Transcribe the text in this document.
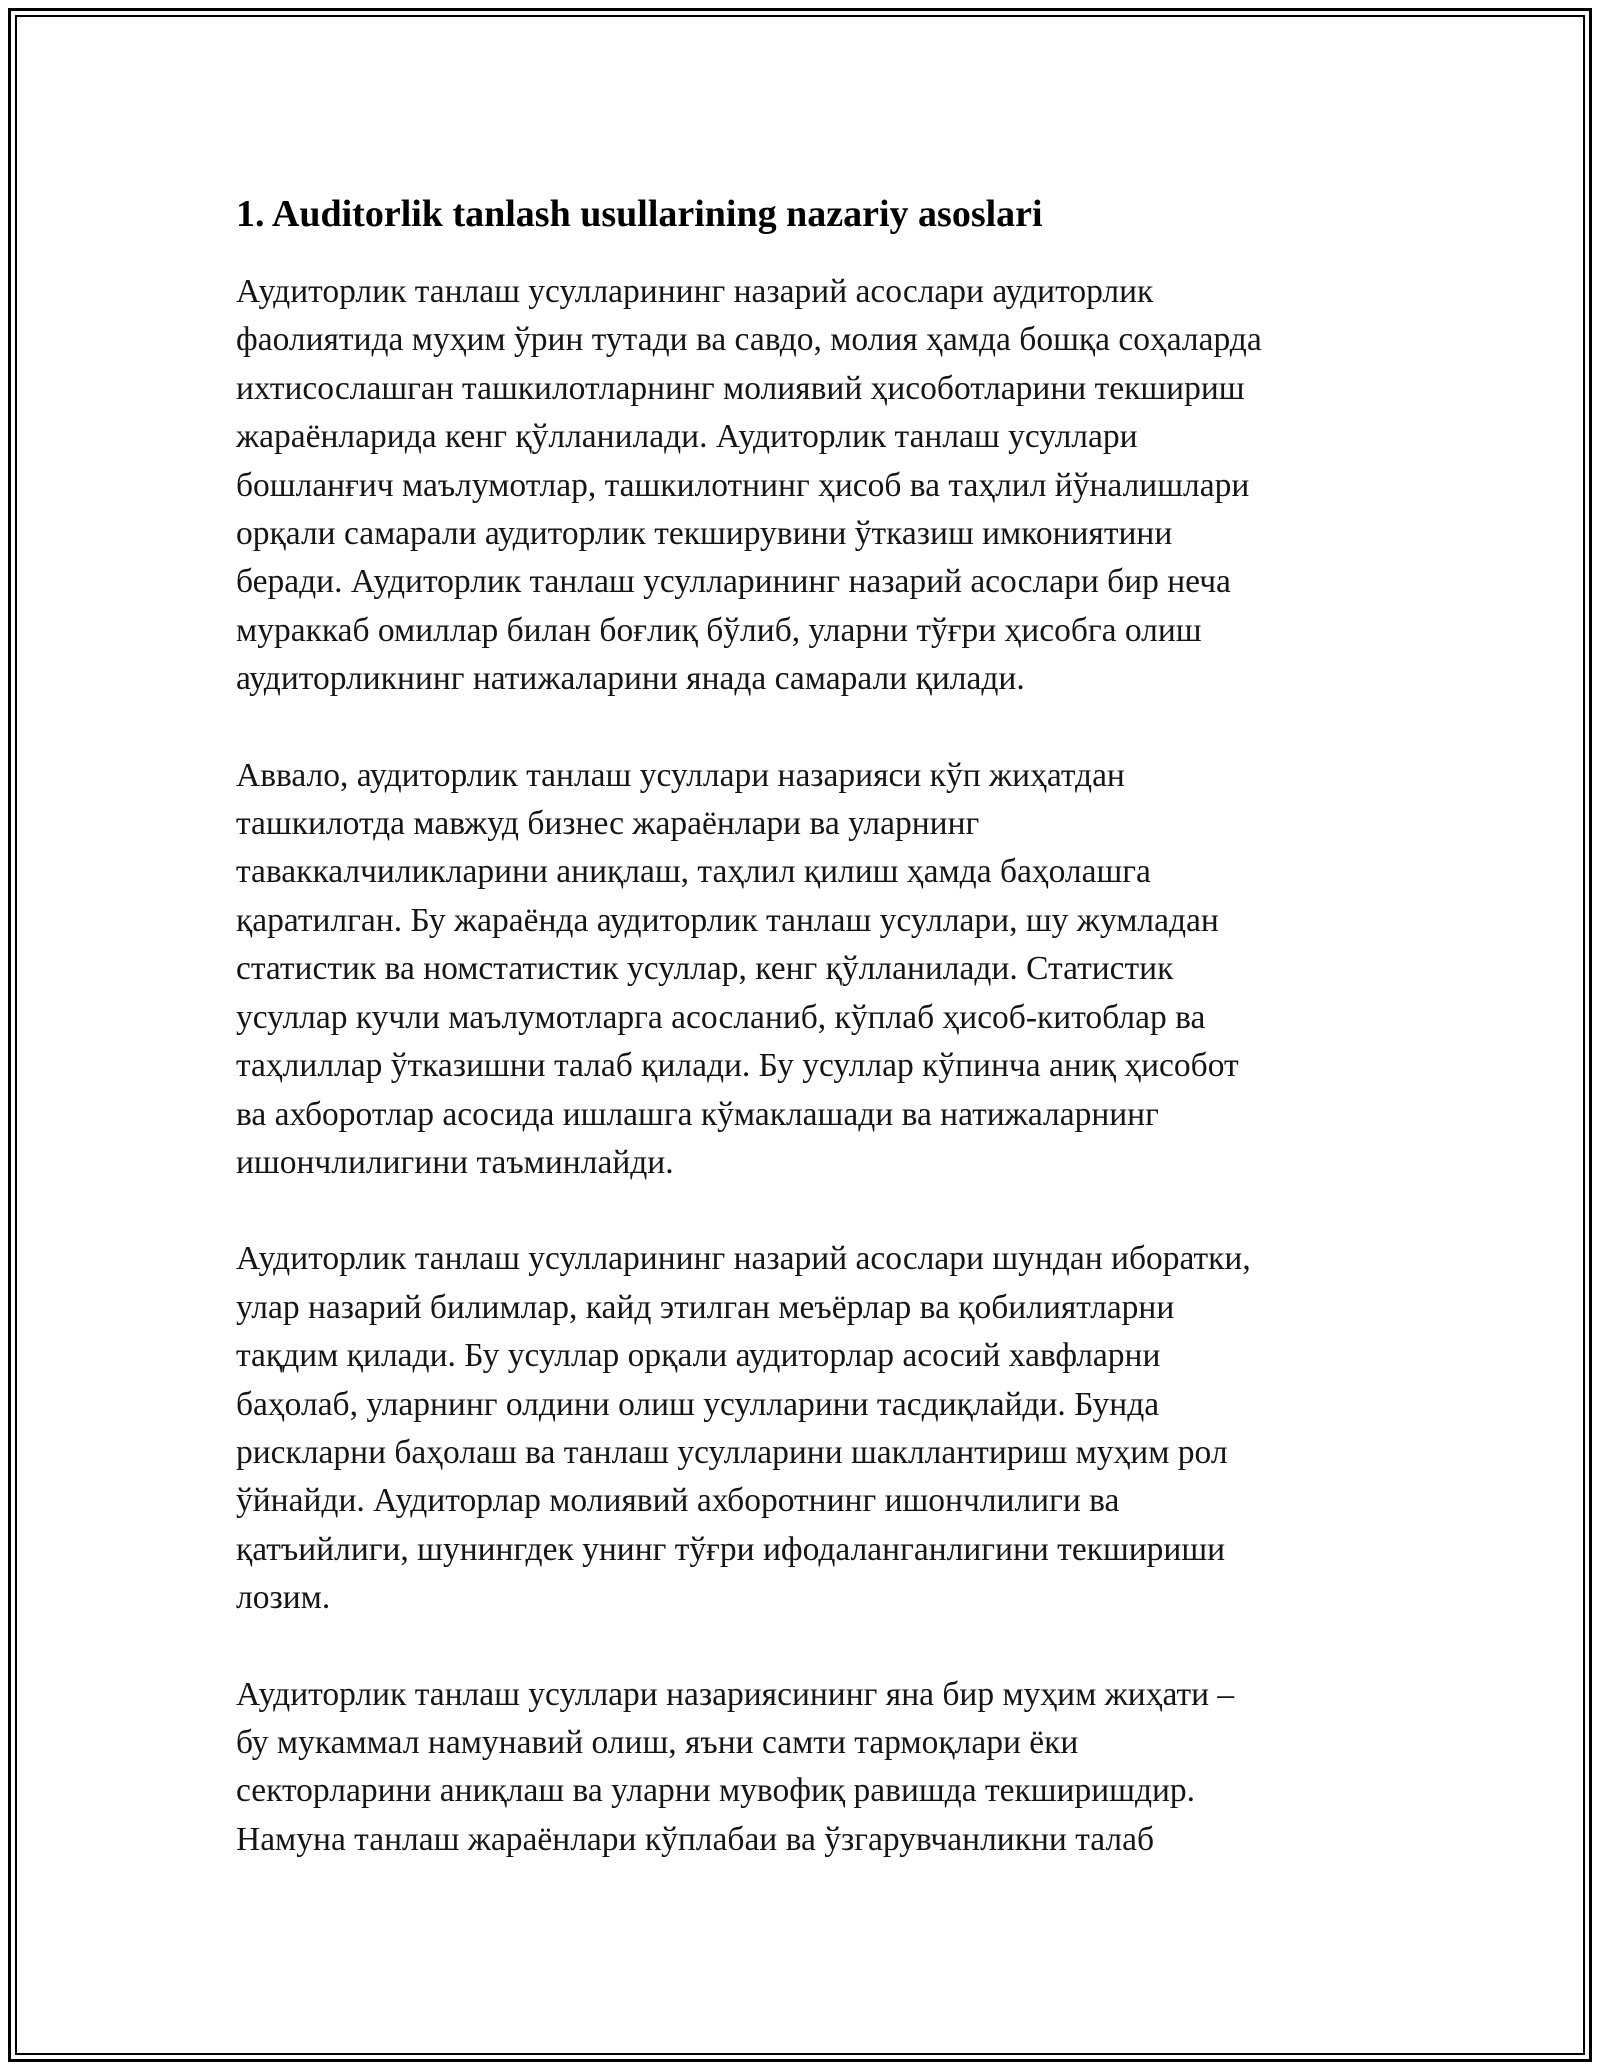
1. Auditorlik tanlash usullarining nazariy asoslari

Аудиторлик танлаш усулларининг назарий асослари аудиторлик
фаолиятида муҳим ўрин тутади ва савдо, молия ҳамда бошқа соҳаларда
ихтисослашган ташкилотларнинг молиявий ҳисоботларини текшириш
жараёнларида кенг қўлланилади. Аудиторлик танлаш усуллари
бошланғич маълумотлар, ташкилотнинг ҳисоб ва таҳлил йўналишлари
орқали самарали аудиторлик текширувини ўтказиш имкониятини
беради. Аудиторлик танлаш усулларининг назарий асослари бир неча
мураккаб омиллар билан боғлиқ бўлиб, уларни тўғри ҳисобга олиш
аудиторликнинг натижаларини янада самарали қилади.

Аввало, аудиторлик танлаш усуллари назарияси кўп жиҳатдан
ташкилотда мавжуд бизнес жараёнлари ва уларнинг
таваккалчиликларини аниқлаш, таҳлил қилиш ҳамда баҳолашга
қаратилган. Бу жараёнда аудиторлик танлаш усуллари, шу жумладан
статистик ва номстатистик усуллар, кенг қўлланилади. Статистик
усуллар кучли маълумотларга асосланиб, кўплаб ҳисоб-китоблар ва
таҳлиллар ўтказишни талаб қилади. Бу усуллар кўпинча аниқ ҳисобот
ва ахборотлар асосида ишлашга кўмаклашади ва натижаларнинг
ишончлилигини таъминлайди.

Аудиторлик танлаш усулларининг назарий асослари шундан иборатки,
улар назарий билимлар, кайд этилган меъёрлар ва қобилиятларни
тақдим қилади. Бу усуллар орқали аудиторлар асосий хавфларни
баҳолаб, уларнинг олдини олиш усулларини тасдиқлайди. Бунда
рискларни баҳолаш ва танлаш усулларини шакллантириш муҳим рол
ўйнайди. Аудиторлар молиявий ахборотнинг ишончлилиги ва
қатъийлиги, шунингдек унинг тўғри ифодаланганлигини текшириши
лозим.

Аудиторлик танлаш усуллари назариясининг яна бир муҳим жиҳати –
бу мукаммал намунавий олиш, яъни самти тармоқлари ёки
секторларини аниқлаш ва уларни мувофиқ равишда текширишдир.
Намуна танлаш жараёнлари кўплабаи ва ўзгарувчанликни талаб
